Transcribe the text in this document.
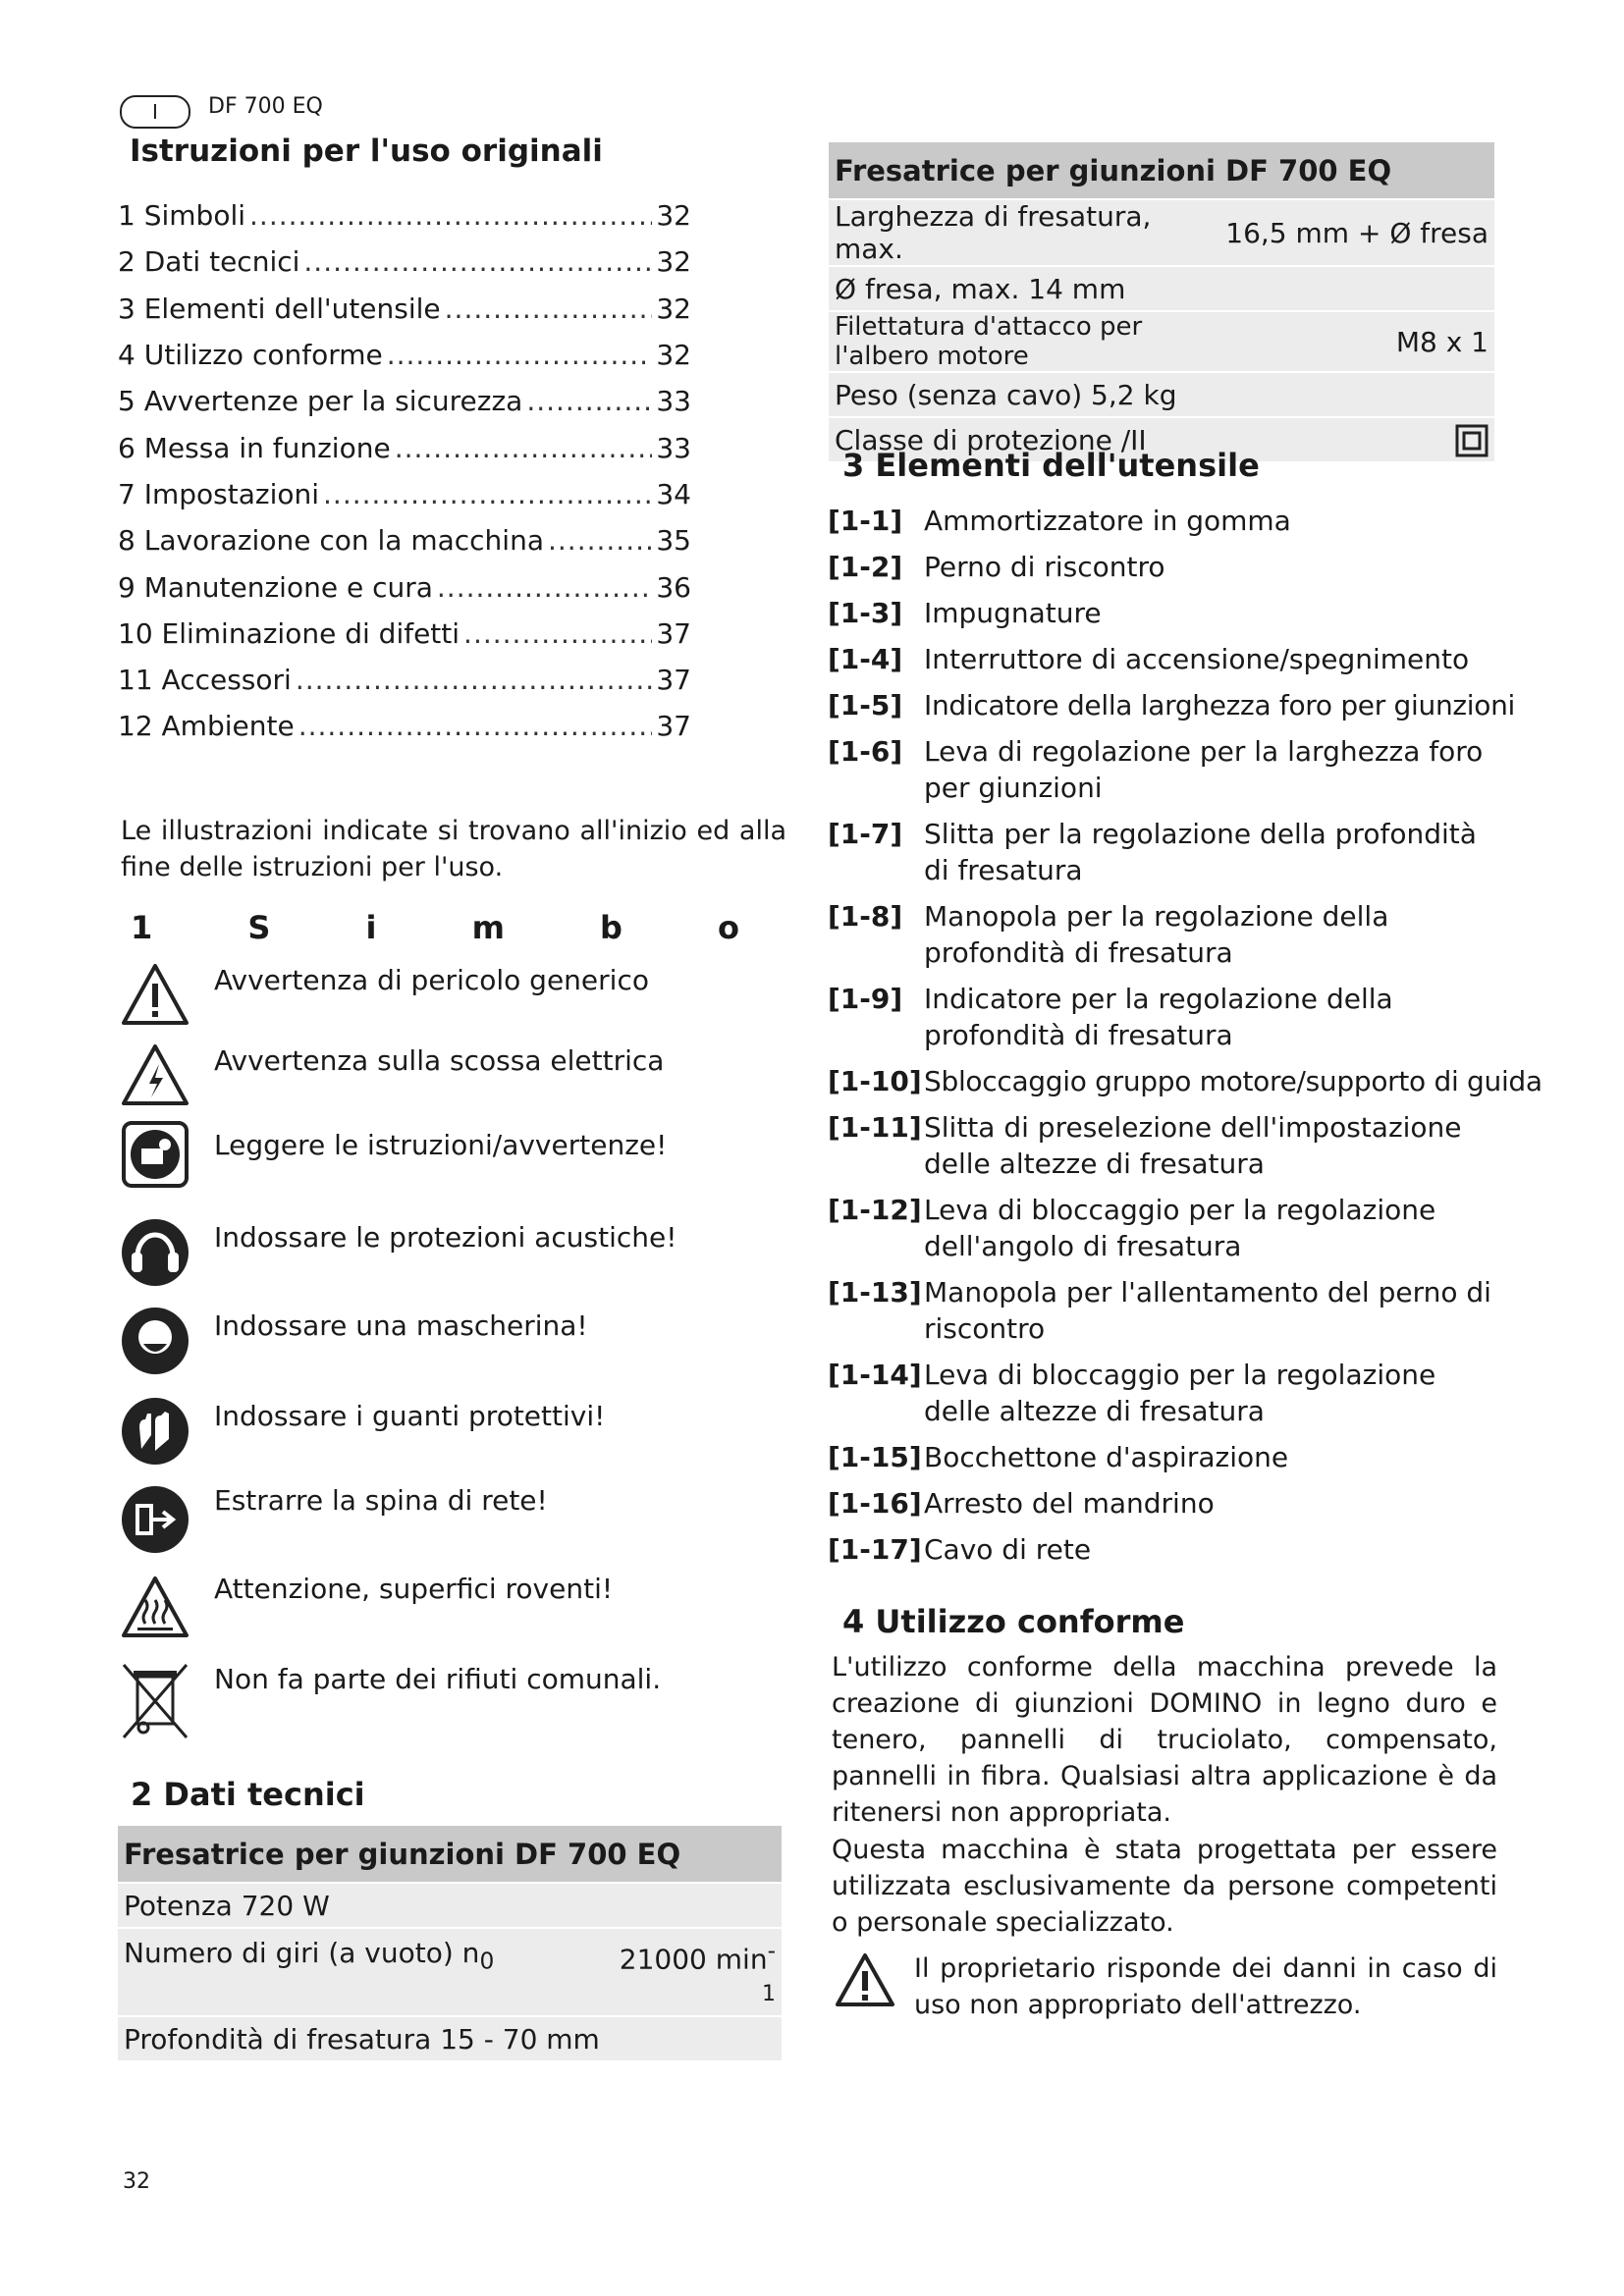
I DF 700 EQ
Istruzioni per l'uso originali
1 Simboli .....	32
2 Dati tecnici .....	32
3 Elementi dell'utensile .....	32
4 Utilizzo conforme .....	32
5 Avvertenze per la sicurezza .....	33
6 Messa in funzione .....	33
7 Impostazioni .....	34
8 Lavorazione con la macchina .....	35
9 Manutenzione e cura .....	36
10 Eliminazione di difetti .....	37
11 Accessori .....	37
12 Ambiente .....	37
Le illustrazioni indicate si trovano all'inizio ed alla fine delle istruzioni per l'uso.
1	S	i	m	b	o
Avvertenza di pericolo generico
Avvertenza sulla scossa elettrica
Leggere le istruzioni/avvertenze!
Indossare le protezioni acustiche!
Indossare una mascherina!
Indossare i guanti protettivi!
Estrarre la spina di rete!
Attenzione, superfici roventi!
Non fa parte dei rifiuti comunali.
2 Dati tecnici
Fresatrice per giunzioni DF 700 EQ
Potenza 720 W
Numero di giri (a vuoto) $n_0$	21000 min-
1
Profondità di fresatura 15 - 70 mm
Fresatrice per giunzioni DF 700 EQ	
Larghezza di fresatura, max.	16,5 mm + Ø fresa
Ø fresa, max. 14 mm	
Filettatura d'attacco per l'albero motore	M8 x 1
Peso (senza cavo) 5,2 kg	
Classe di protezione /II	
3 Elementi dell'utensile
[1-1] Ammortizzatore in gomma
[1-2] Perno di riscontro
[1-3] Impugnature
[1-4] Interruttore di accensione/spegnimento
[1-5] Indicatore della larghezza foro per giunzioni
[1-6] Leva di regolazione per la larghezza foro per giunzioni
[1-7] Slitta per la regolazione della profondità di fresatura
[1-8] Manopola per la regolazione della profondità di fresatura
[1-9] Indicatore per la regolazione della profondità di fresatura
[1-10] Sbloccaggio gruppo motore/supporto di guida
[1-11] Slitta di preselezione dell'impostazione delle altezze di fresatura
[1-12] Leva di bloccaggio per la regolazione dell'angolo di fresatura
[1-13] Manopola per l'allentamento del perno di riscontro
[1-14] Leva di bloccaggio per la regolazione delle altezze di fresatura
[1-15] Bocchettone d'aspirazione
[1-16] Arresto del mandrino
[1-17] Cavo di rete
4 Utilizzo conforme
L'utilizzo conforme della macchina prevede la creazione di giunzioni DOMINO in legno duro e tenero, pannelli di truciolato, compensato, pannelli in fibra. Qualsiasi altra applicazione è da ritenersi non appropriata.
Questa macchina è stata progettata per essere utilizzata esclusivamente da persone competenti o personale specializzato.
Il proprietario risponde dei danni in caso di uso non appropriato dell'attrezzo.
32
